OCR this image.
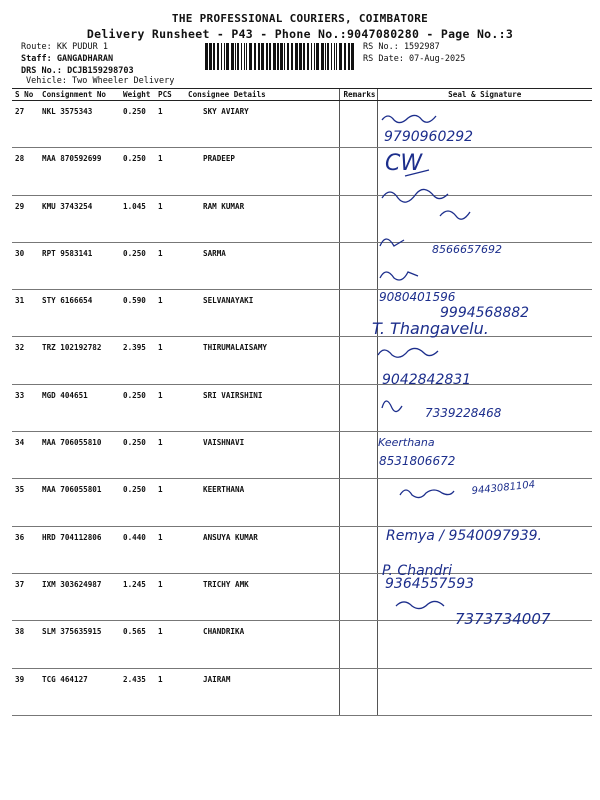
THE PROFESSIONAL COURIERS, COIMBATORE
Delivery Runsheet - P43 - Phone No.:9047080280 - Page No.:3
Route: KK PUDUR 1
Staff: GANGADHARAN
DRS No.: DCJB159298703
Vehicle: Two Wheeler Delivery
RS No.: 1592987
RS Date: 07-Aug-2025
S No	Consignment No	Weight	PCS	Consignee Details	Remarks	Seal & Signature
27	NKL 3575343	0.250	1	SKY AVIARY		
28	MAA 870592699	0.250	1	PRADEEP		
29	KMU 3743254	1.045	1	RAM KUMAR		
30	RPT 9583141	0.250	1	SARMA		
31	STY 6166654	0.590	1	SELVANAYAKI		
32	TRZ 102192782	2.395	1	THIRUMALAISAMY		
33	MGD 404651	0.250	1	SRI VAIRSHINI		
34	MAA 706055810	0.250	1	VAISHNAVI		
35	MAA 706055801	0.250	1	KEERTHANA		
36	HRD 704112806	0.440	1	ANSUYA KUMAR		
37	IXM 303624987	1.245	1	TRICHY AMK		
38	SLM 375635915	0.565	1	CHANDRIKA		
39	TCG 464127	2.435	1	JAIRAM		
9790960292
CW
8566657692
9080401596
9994568882
T. Thangavelu.
9042842831
7339228468
Keerthana
8531806672
9443081104
Remya / 9540097939.
P. Chandri
9364557593
7373734007
